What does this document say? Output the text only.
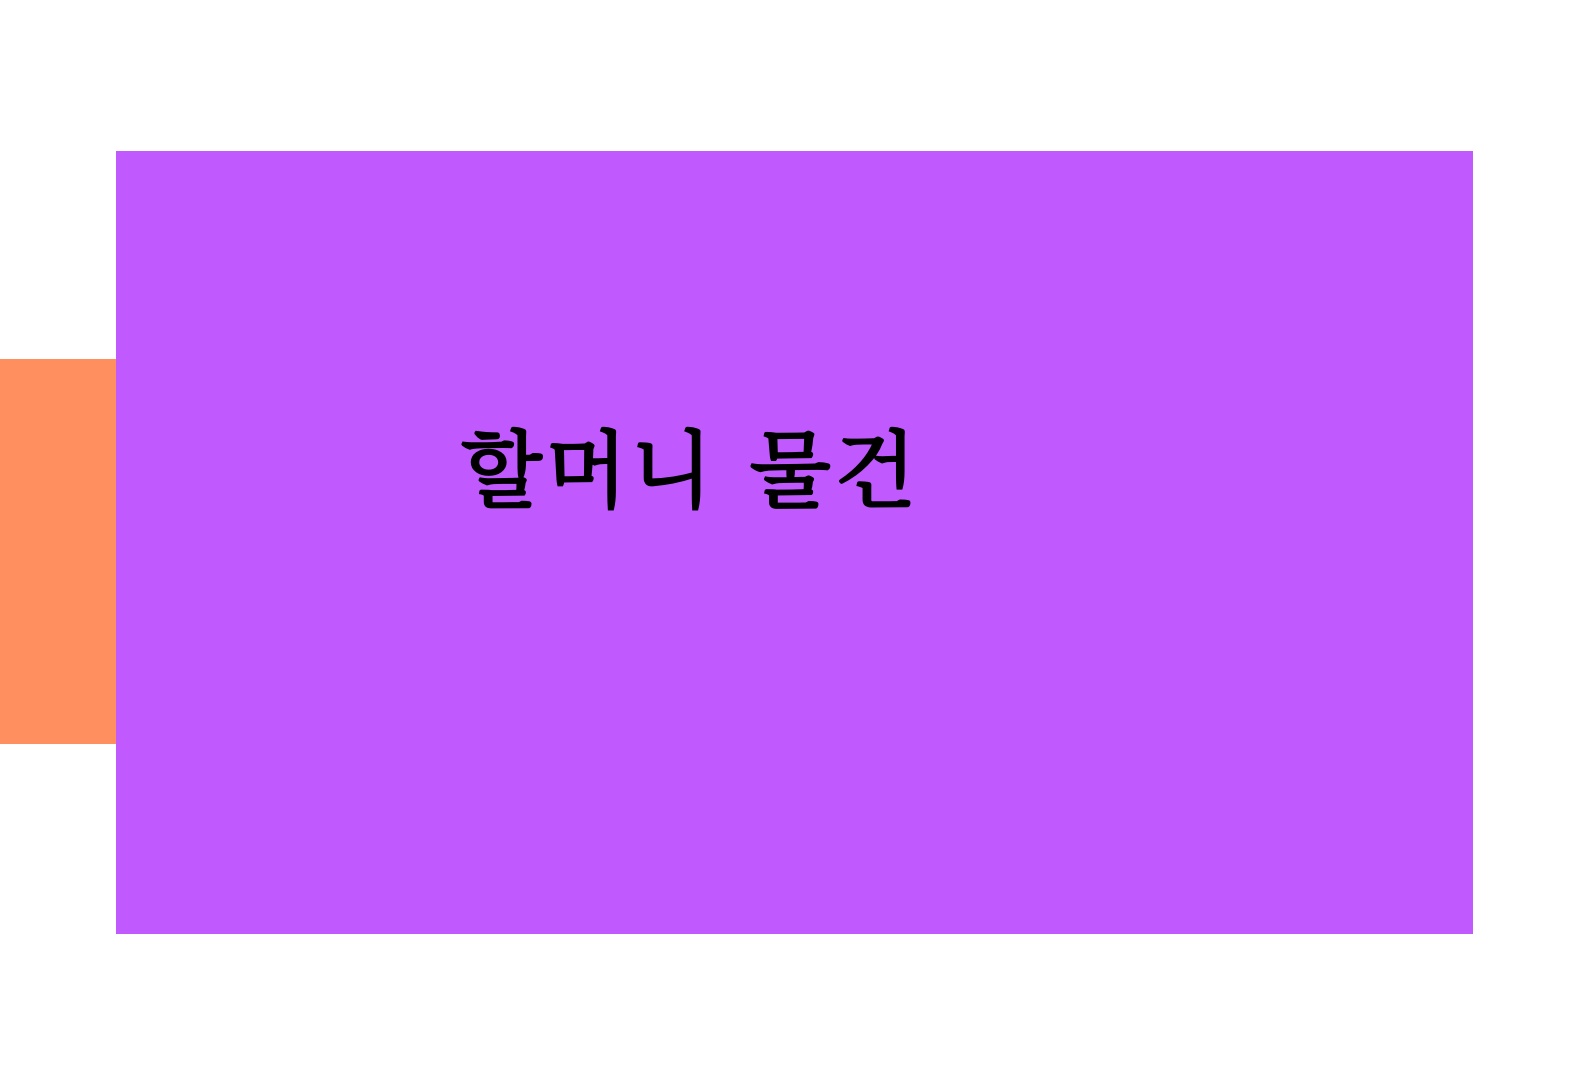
할머니 물건
